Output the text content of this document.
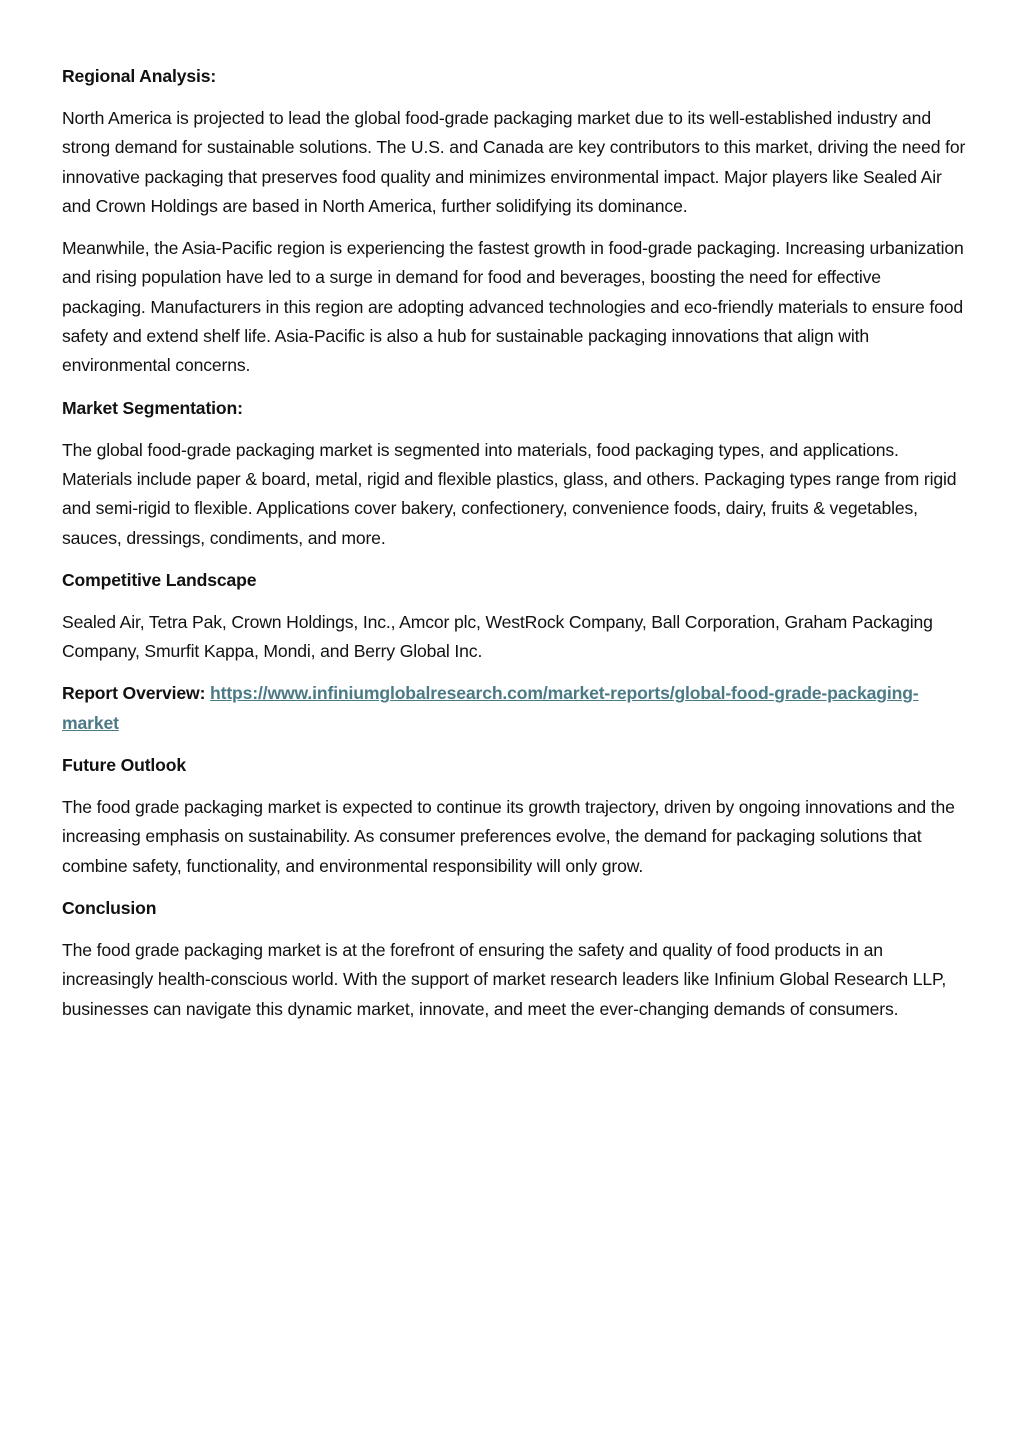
Regional Analysis:

North America is projected to lead the global food-grade packaging market due to its well-established industry and strong demand for sustainable solutions. The U.S. and Canada are key contributors to this market, driving the need for innovative packaging that preserves food quality and minimizes environmental impact. Major players like Sealed Air and Crown Holdings are based in North America, further solidifying its dominance.

Meanwhile, the Asia-Pacific region is experiencing the fastest growth in food-grade packaging. Increasing urbanization and rising population have led to a surge in demand for food and beverages, boosting the need for effective packaging. Manufacturers in this region are adopting advanced technologies and eco-friendly materials to ensure food safety and extend shelf life. Asia-Pacific is also a hub for sustainable packaging innovations that align with environmental concerns.

Market Segmentation:

The global food-grade packaging market is segmented into materials, food packaging types, and applications. Materials include paper & board, metal, rigid and flexible plastics, glass, and others. Packaging types range from rigid and semi-rigid to flexible. Applications cover bakery, confectionery, convenience foods, dairy, fruits & vegetables, sauces, dressings, condiments, and more.

Competitive Landscape

Sealed Air, Tetra Pak, Crown Holdings, Inc., Amcor plc, WestRock Company, Ball Corporation, Graham Packaging Company, Smurfit Kappa, Mondi, and Berry Global Inc.

Report Overview: https://www.infiniumglobalresearch.com/market-reports/global-food-grade-packaging-market
Future Outlook

The food grade packaging market is expected to continue its growth trajectory, driven by ongoing innovations and the increasing emphasis on sustainability. As consumer preferences evolve, the demand for packaging solutions that combine safety, functionality, and environmental responsibility will only grow.

Conclusion

The food grade packaging market is at the forefront of ensuring the safety and quality of food products in an increasingly health-conscious world. With the support of market research leaders like Infinium Global Research LLP, businesses can navigate this dynamic market, innovate, and meet the ever-changing demands of consumers.
